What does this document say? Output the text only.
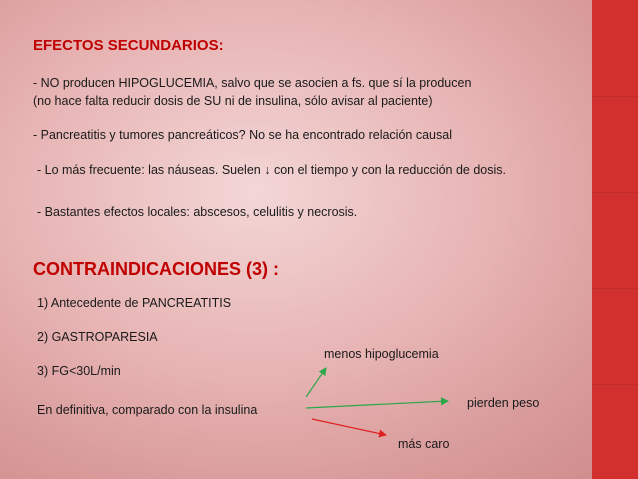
EFECTOS SECUNDARIOS:
- NO producen HIPOGLUCEMIA, salvo que se asocien a fs. que sí la producen
(no hace falta reducir dosis de SU ni de insulina, sólo avisar al paciente)
- Pancreatitis y tumores pancreáticos? No se ha encontrado relación causal
- Lo más frecuente: las náuseas. Suelen ↓ con el tiempo y con la reducción de dosis.
- Bastantes efectos locales: abscesos, celulitis y necrosis.
CONTRAINDICACIONES (3) :
1) Antecedente de PANCREATITIS
2) GASTROPARESIA
3) FG<30L/min
En definitiva, comparado con la insulina
menos hipoglucemia
pierden peso
más caro
